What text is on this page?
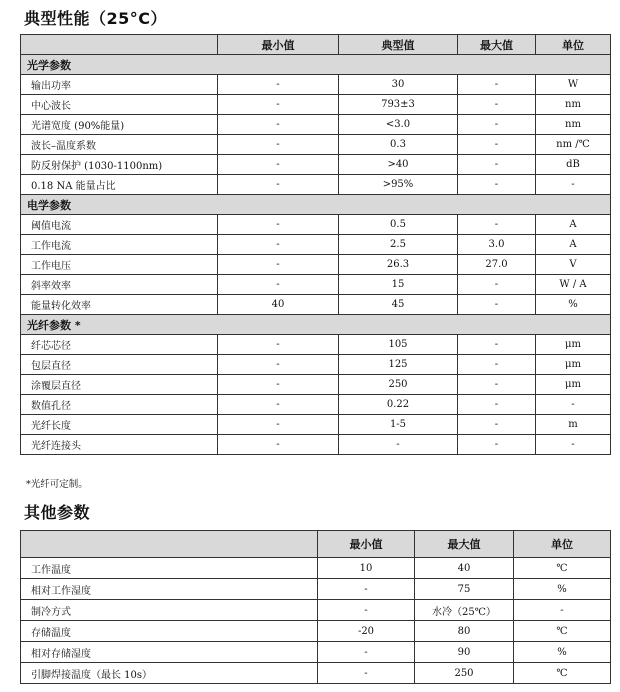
典型性能（25°C）
	最小值	典型值	最大值	单位
光学参数				
输出功率	-	30	-	W
中心波长	-	793±3	-	nm
光谱宽度 (90%能量)	-	<3.0	-	nm
波长–温度系数	-	0.3	-	nm /℃
防反射保护 (1030-1100nm)	-	>40	-	dB
0.18 NA 能量占比	-	>95%	-	-
电学参数				
阈值电流	-	0.5	-	A
工作电流	-	2.5	3.0	A
工作电压	-	26.3	27.0	V
斜率效率	-	15	-	W / A
能量转化效率	40	45	-	%
光纤参数 *				
纤芯芯径	-	105	-	μm
包层直径	-	125	-	μm
涂覆层直径	-	250	-	μm
数值孔径	-	0.22	-	-
光纤长度	-	1-5	-	m
光纤连接头	-	-	-	-
*光纤可定制。
其他参数
	最小值	最大值	单位
工作温度	10	40	℃
相对工作湿度	-	75	%
制冷方式	-	水冷（25℃）	-
存储温度	-20	80	℃
相对存储湿度	-	90	%
引脚焊接温度（最长 10s）	-	250	℃
